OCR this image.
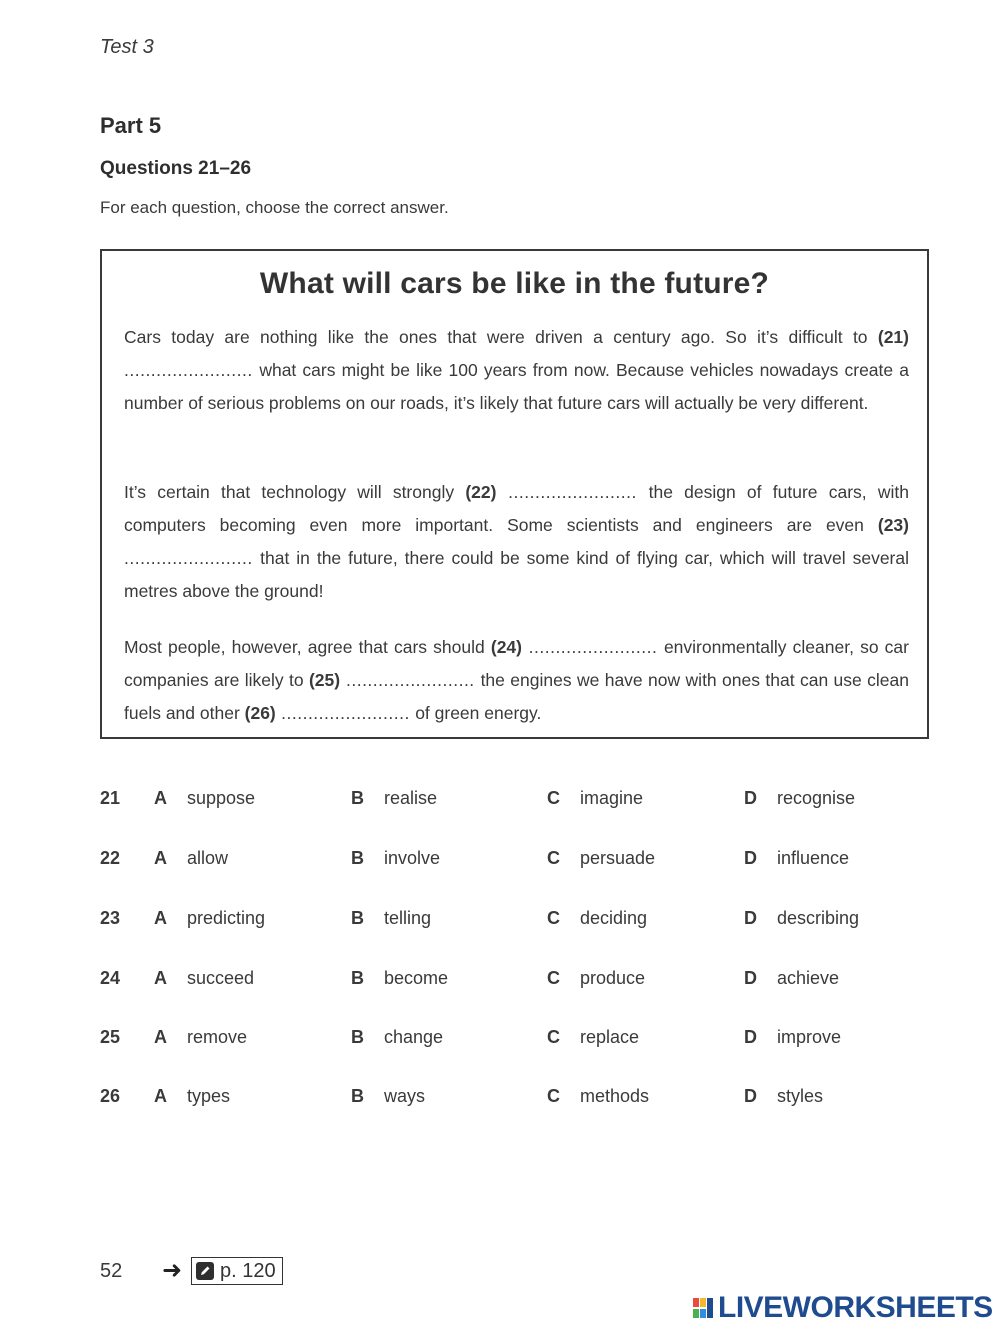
Test 3
Part 5
Questions 21–26
For each question, choose the correct answer.
What will cars be like in the future?
Cars today are nothing like the ones that were driven a century ago. So it’s difficult to (21) ........................ what cars might be like 100 years from now. Because vehicles nowadays create a number of serious problems on our roads, it’s likely that future cars will actually be very different.
It’s certain that technology will strongly (22) ........................ the design of future cars, with computers becoming even more important. Some scientists and engineers are even (23) ........................ that in the future, there could be some kind of flying car, which will travel several metres above the ground!
Most people, however, agree that cars should (24) ........................ environmentally cleaner, so car companies are likely to (25) ........................ the engines we have now with ones that can use clean fuels and other (26) ........................ of green energy.
21 A suppose	B realise	C imagine	D recognise
22 A allow	B involve	C persuade	D influence
23 A predicting	B telling	C deciding	D describing
24 A succeed	B become	C produce	D achieve
25 A remove	B change	C replace	D improve
26 A types	B ways	C methods	D styles
52 ➜ p. 120
LIVEWORKSHEETS
